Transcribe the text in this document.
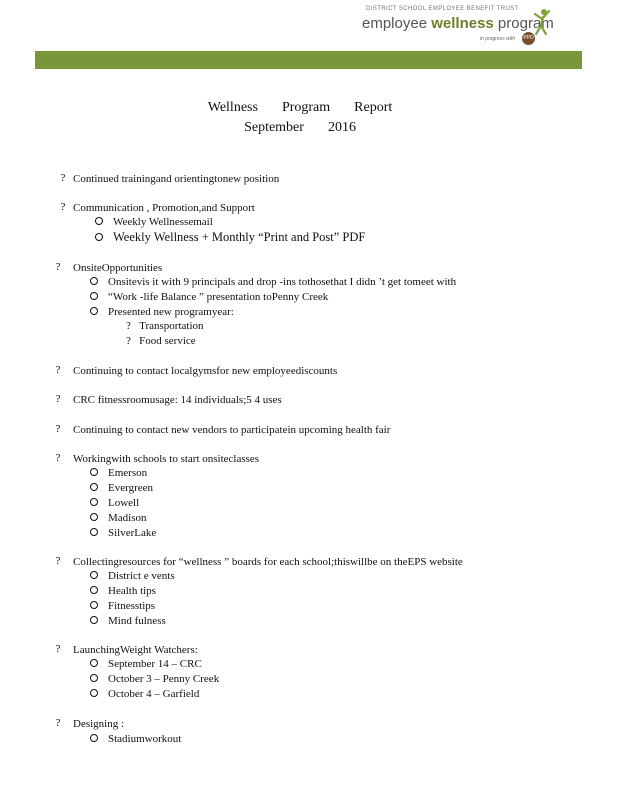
DISTRICT SCHOOL EMPLOYEE BENEFIT TRUST
employee wellness program
in progress with PPD
Wellness Program Report
September 2016
? Continued trainingand orientingtonew position
? Communication , Promotion,and Support
Weekly Wellnessemail
Weekly Wellness + Monthly “Print and Post” PDF
? OnsiteOpportunities
Onsitevis it with 9 principals and drop -ins tothosethat I didn ’t get tomeet with
“Work -life Balance ” presentation toPenny Creek
Presented new programyear:
? Transportation
? Food service
? Continuing to contact localgymsfor new employeediscounts
? CRC fitnessroomusage: 14 individuals;5 4 uses
? Continuing to contact new vendors to participatein upcoming health fair
? Workingwith schools to start onsiteclasses
Emerson
Evergreen
Lowell
Madison
SilverLake
? Collectingresources for “wellness ” boards for each school;thiswillbe on theEPS website
District e vents
Health tips
Fitnesstips
Mind fulness
? LaunchingWeight Watchers:
September 14 – CRC
October 3 – Penny Creek
October 4 – Garfield
? Designing :
Stadiumworkout
